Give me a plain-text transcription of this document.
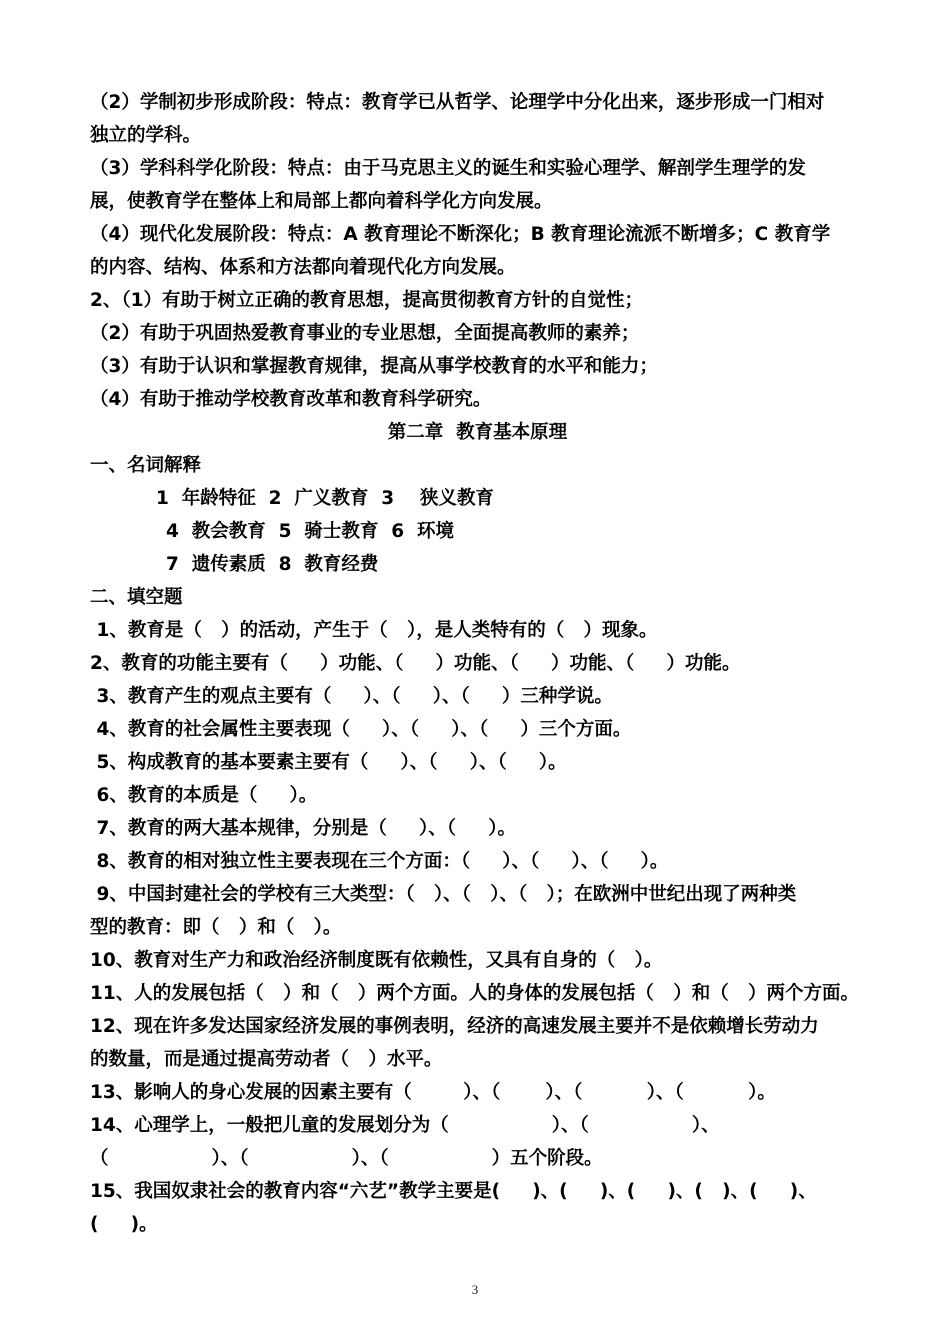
（2）学制初步形成阶段：特点：教育学已从哲学、论理学中分化出来，逐步形成一门相对
独立的学科。
（3）学科科学化阶段：特点：由于马克思主义的诞生和实验心理学、解剖学生理学的发
展，使教育学在整体上和局部上都向着科学化方向发展。
（4）现代化发展阶段：特点：A 教育理论不断深化；B 教育理论流派不断增多；C 教育学
的内容、结构、体系和方法都向着现代化方向发展。
2、（1）有助于树立正确的教育思想，提高贯彻教育方针的自觉性；
（2）有助于巩固热爱教育事业的专业思想，全面提高教师的素养；
（3）有助于认识和掌握教育规律，提高从事学校教育的水平和能力；
（4）有助于推动学校教育改革和教育科学研究。
第二章  教育基本原理
一、名词解释
1  年龄特征  2  广义教育  3    狭义教育
4  教会教育  5  骑士教育  6  环境
7  遗传素质  8  教育经费
二、填空题
1、教育是（   ）的活动，产生于（   ），是人类特有的（   ）现象。
2、教育的功能主要有（     ）功能、（     ）功能、（     ）功能、（     ）功能。
3、教育产生的观点主要有（     ）、（     ）、（     ）三种学说。
4、教育的社会属性主要表现（     ）、（     ）、（     ）三个方面。
5、构成教育的基本要素主要有（     ）、（     ）、（     ）。
6、教育的本质是（     ）。
7、教育的两大基本规律，分别是（     ）、（     ）。
8、教育的相对独立性主要表现在三个方面：（     ）、（     ）、（     ）。
9、中国封建社会的学校有三大类型：（   ）、（   ）、（   ）；在欧洲中世纪出现了两种类
型的教育：即（   ）和（   ）。
10、教育对生产力和政治经济制度既有依赖性，又具有自身的（   ）。
11、人的发展包括（   ）和（   ）两个方面。人的身体的发展包括（   ）和（   ）两个方面。
12、现在许多发达国家经济发展的事例表明，经济的高速发展主要并不是依赖增长劳动力
的数量，而是通过提高劳动者（   ）水平。
13、影响人的身心发展的因素主要有（        ）、（       ）、（          ）、（          ）。
14、心理学上，一般把儿童的发展划分为（                ）、（                ）、
（                ）、（                ）、（                ）五个阶段。
15、我国奴隶社会的教育内容“六艺”教学主要是(     )、(     )、(     )、(   )、(     )、
(     )。
3
